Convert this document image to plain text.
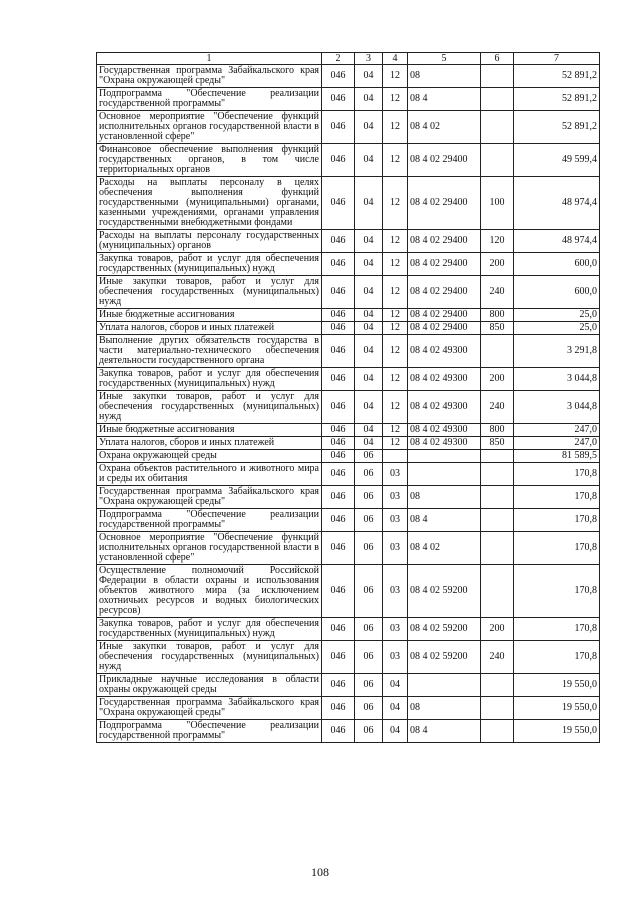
1	2	3	4	5	6	7
Государственная программа Забайкальского края "Охрана окружающей среды"	046	04	12	08		52 891,2
Подпрограмма "Обеспечение реализации государственной программы"	046	04	12	08 4		52 891,2
Основное мероприятие "Обеспечение функций исполнительных органов государственной власти в установленной сфере"	046	04	12	08 4 02		52 891,2
Финансовое обеспечение выполнения функций государственных органов, в том числе территориальных органов	046	04	12	08 4 02 29400		49 599,4
Расходы на выплаты персоналу в целях обеспечения выполнения функций государственными (муниципальными) органами, казенными учреждениями, органами управления государственными внебюджетными фондами	046	04	12	08 4 02 29400	100	48 974,4
Расходы на выплаты персоналу государственных (муниципальных) органов	046	04	12	08 4 02 29400	120	48 974,4
Закупка товаров, работ и услуг для обеспечения государственных (муниципальных) нужд	046	04	12	08 4 02 29400	200	600,0
Иные закупки товаров, работ и услуг для обеспечения государственных (муниципальных) нужд	046	04	12	08 4 02 29400	240	600,0
Иные бюджетные ассигнования	046	04	12	08 4 02 29400	800	25,0
Уплата налогов, сборов и иных платежей	046	04	12	08 4 02 29400	850	25,0
Выполнение других обязательств государства в части материально-технического обеспечения деятельности государственного органа	046	04	12	08 4 02 49300		3 291,8
Закупка товаров, работ и услуг для обеспечения государственных (муниципальных) нужд	046	04	12	08 4 02 49300	200	3 044,8
Иные закупки товаров, работ и услуг для обеспечения государственных (муниципальных) нужд	046	04	12	08 4 02 49300	240	3 044,8
Иные бюджетные ассигнования	046	04	12	08 4 02 49300	800	247,0
Уплата налогов, сборов и иных платежей	046	04	12	08 4 02 49300	850	247,0
Охрана окружающей среды	046	06				81 589,5
Охрана объектов растительного и животного мира и среды их обитания	046	06	03			170,8
Государственная программа Забайкальского края "Охрана окружающей среды"	046	06	03	08		170,8
Подпрограмма "Обеспечение реализации государственной программы"	046	06	03	08 4		170,8
Основное мероприятие "Обеспечение функций исполнительных органов государственной власти в установленной сфере"	046	06	03	08 4 02		170,8
Осуществление полномочий Российской Федерации в области охраны и использования объектов животного мира (за исключением охотничьих ресурсов и водных биологических ресурсов)	046	06	03	08 4 02 59200		170,8
Закупка товаров, работ и услуг для обеспечения государственных (муниципальных) нужд	046	06	03	08 4 02 59200	200	170,8
Иные закупки товаров, работ и услуг для обеспечения государственных (муниципальных) нужд	046	06	03	08 4 02 59200	240	170,8
Прикладные научные исследования в области охраны окружающей среды	046	06	04			19 550,0
Государственная программа Забайкальского края "Охрана окружающей среды"	046	06	04	08		19 550,0
Подпрограмма "Обеспечение реализации государственной программы"	046	06	04	08 4		19 550,0
108
